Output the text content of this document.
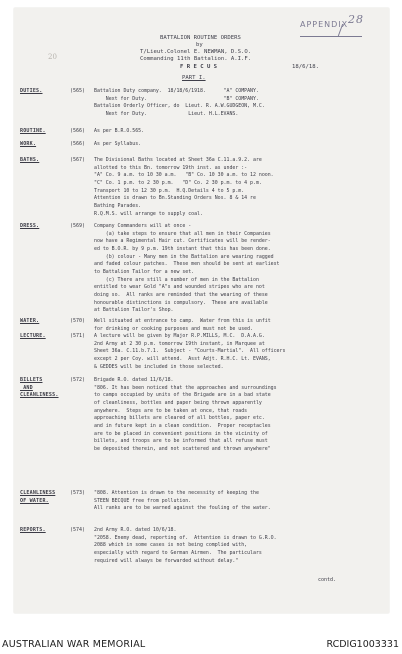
APPENDIX 28
BATTALION ROUTINE ORDERS
by
T/Lieut.Colonel E. NEWMAN, D.S.O.
Commanding 11th Battalion. A.I.F.
F R E C U S	18/6/18.
PART I.
20
DUTIES.	(565) Battalion Duty company.  18/18/6/1918.      "A" COMPANY.
Next for Duty.                          "B" COMPANY.
Battalion Orderly Officer, do  Lieut. R. A.W.GUDGEON, M.C.
Next for Duty.              Lieut. H.L.EVANS.
ROUTINE.	(566) As per B.R.O.565.
WORK.	(566) As per Syllabus.
BATHS.	(567) The Divisional Baths located at Sheet 36a C.11.a.9.2. are
allotted to this Bn. tomorrow 19th inst. as under :-
"A" Co. 9 a.m. to 10 30 a.m.   "B" Co. 10 30 a.m. to 12 noon.
"C" Co. 1 p.m. to 2 30 p.m.   "D" Co. 2 30 p.m. to 4 p.m.
Transport 10 to 12 30 p.m.  H.Q.Details 4 to 5 p.m.
Attention is drawn to Bn.Standing Orders Nos. 8 & 14 re
Bathing Parades.
R.Q.M.S. will arrange to supply coal.
DRESS.	(569) Company Commanders will at once -
(a) take steps to ensure that all men in their Companies
now have a Regimental Hair cut. Certificates will be render-
ed to B.O.R. by 9 p.m. 19th instant that this has been done.
(b) colour - Many men in the Battalion are wearing ragged
and faded colour patches.  These men should be sent at earliest
to Battalion Tailor for a new set.
(c) There are still a number of men in the Battalion
entitled to wear Gold "A"s and wounded stripes who are not
doing so.  All ranks are reminded that the wearing of these
honourable distinctions is compulsory.  These are available
at Battalion Tailor's Shop.
WATER.	(570) Well situated at entrance to camp.  Water from this is unfit
for drinking or cooking purposes and must not be used.
LECTURE.	(571) A lecture will be given by Major R.P.MILLS, M.C.  D.A.A.G.
2nd Army at 2 30 p.m. tomorrow 19th instant, in Marquee at
Sheet 36a. C.11.b.7.1.  Subject - "Courts-Martial".  All officers
except 2 per Coy. will attend.  Asst Adjt. R.H.C. Lt. EVANS,
& GEDDES will be included in those selected.
BILLETS
AND
CLEANLINESS.
(572) Brigade R.O. dated 11/6/18.
"806. It has been noticed that the approaches and surroundings
to camps occupied by units of the Brigade are in a bad state
of cleanliness, bottles and paper being thrown apparently
anywhere.  Steps are to be taken at once, that roads
approaching billets are cleared of all bottles, paper etc.
and in future kept in a clean condition.  Proper receptacles
are to be placed in convenient positions in the vicinity of
billets, and troops are to be informed that all refuse must
be deposited therein, and not scattered and thrown anywhere"
CLEANLINESS
OF WATER.
(573) "808. Attention is drawn to the necessity of keeping the
STEEN BECQUE free from pollution.
All ranks are to be warned against the fouling of the water.
REPORTS.	(574) 2nd Army R.O. dated 10/6/18.
"2058. Enemy dead, reporting of.  Attention is drawn to G.R.O.
2088 which in some cases is not being complied with,
especially with regard to German Airmen.  The particulars
required will always be forwarded without delay."
contd.
AUSTRALIAN WAR MEMORIAL	RCDIG1003331
